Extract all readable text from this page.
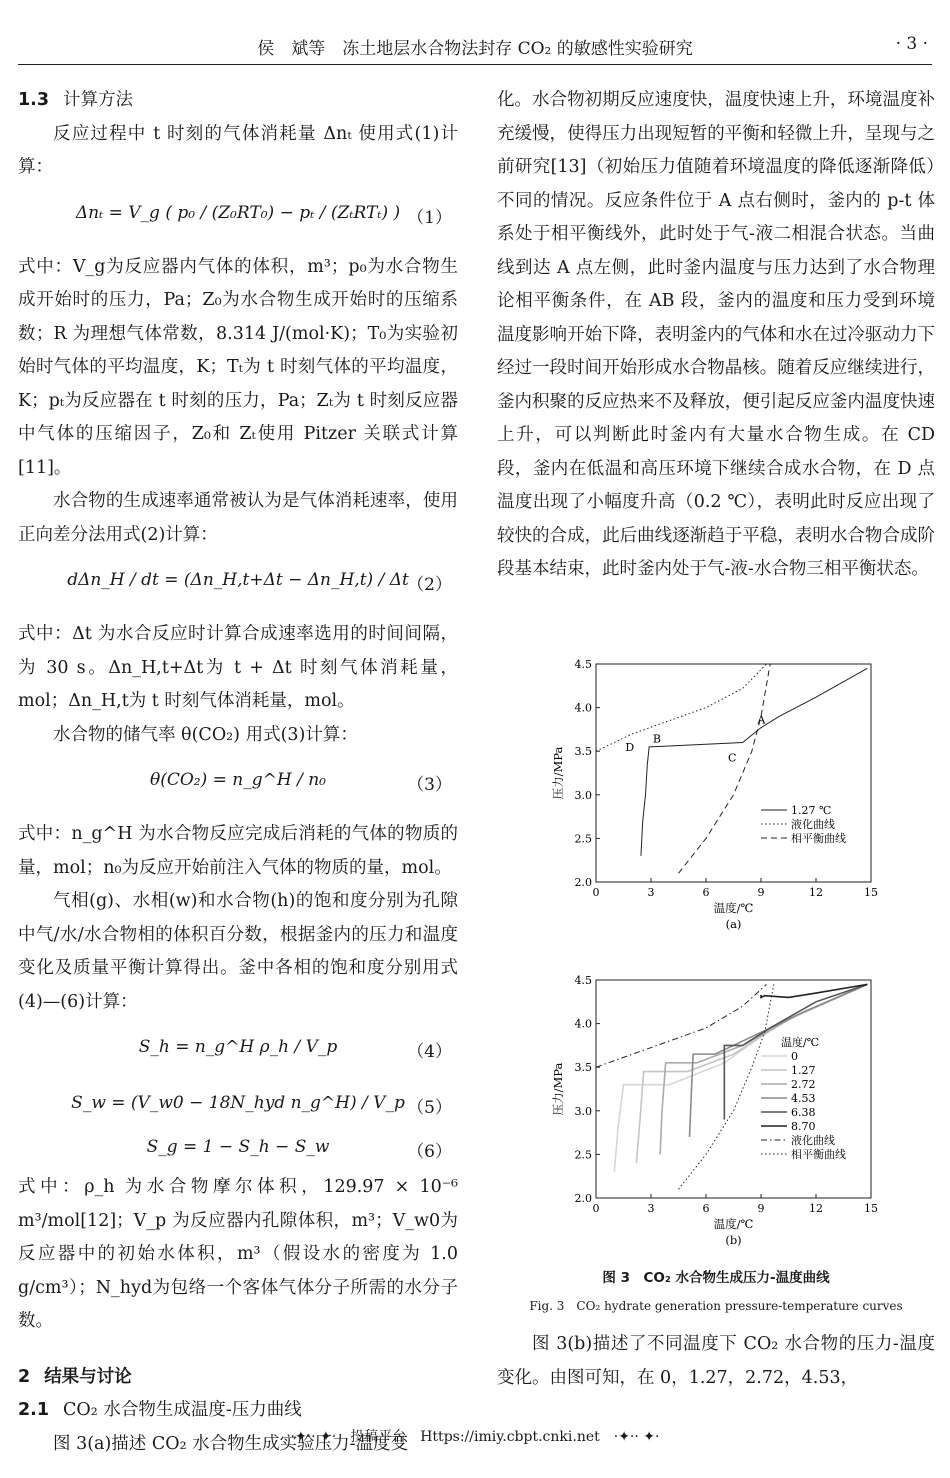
侯　斌等　冻土地层水合物法封存 CO₂ 的敏感性实验研究	· 3 ·
1.3 计算方法

反应过程中 t 时刻的气体消耗量 Δnₜ 使用式(1)计算：

Δnₜ = V_g ( p₀ / (Z₀RT₀) − pₜ / (ZₜRTₜ) ) （1）

式中：V_g为反应器内气体的体积，m³；p₀为水合物生成开始时的压力，Pa；Z₀为水合物生成开始时的压缩系数；R 为理想气体常数，8.314 J/(mol·K)；T₀为实验初始时气体的平均温度，K；Tₜ为 t 时刻气体的平均温度，K；pₜ为反应器在 t 时刻的压力，Pa；Zₜ为 t 时刻反应器中气体的压缩因子，Z₀和 Zₜ使用 Pitzer 关联式计算[11]。

水合物的生成速率通常被认为是气体消耗速率，使用正向差分法用式(2)计算：

dΔn_H / dt = (Δn_H,t+Δt − Δn_H,t) / Δt
（2）

式中：Δt 为水合反应时计算合成速率选用的时间间隔，为 30 s。Δn_H,t+Δt为 t + Δt 时刻气体消耗量，mol；Δn_H,t为 t 时刻气体消耗量，mol。

水合物的储气率 θ(CO₂) 用式(3)计算：

θ(CO₂) = n_g^H / n₀	（3）

式中：n_g^H 为水合物反应完成后消耗的气体的物质的量，mol；n₀为反应开始前注入气体的物质的量，mol。

气相(g)、水相(w)和水合物(h)的饱和度分别为孔隙中气/水/水合物相的体积百分数，根据釜内的压力和温度变化及质量平衡计算得出。釜中各相的饱和度分别用式(4)—(6)计算：

S_h = n_g^H ρ_h / V_p	（4）
S_w = (V_w0 − 18N_hyd n_g^H) / V_p （5）
S_g = 1 − S_h − S_w	（6）

式中：ρ_h 为水合物摩尔体积，129.97 × 10⁻⁶ m³/mol[12]；V_p 为反应器内孔隙体积，m³；V_w0为反应器中的初始水体积，m³（假设水的密度为 1.0 g/cm³）；N_hyd为包络一个客体气体分子所需的水分子数。

2 结果与讨论
2.1 CO₂ 水合物生成温度-压力曲线

图 3(a)描述 CO₂ 水合物生成实验压力-温度变

化。水合物初期反应速度快，温度快速上升，环境温度补充缓慢，使得压力出现短暂的平衡和轻微上升，呈现与之前研究[13]（初始压力值随着环境温度的降低逐渐降低）不同的情况。反应条件位于 A 点右侧时，釜内的 p-t 体系处于相平衡线外，此时处于气-液二相混合状态。当曲线到达 A 点左侧，此时釜内温度与压力达到了水合物理论相平衡条件，在 AB 段，釜内的温度和压力受到环境温度影响开始下降，表明釜内的气体和水在过冷驱动力下经过一段时间开始形成水合物晶核。随着反应继续进行，釜内积聚的反应热来不及释放，便引起反应釜内温度快速上升，可以判断此时釜内有大量水合物生成。在 CD 段，釜内在低温和高压环境下继续合成水合物，在 D 点温度出现了小幅度升高（0.2 ℃），表明此时反应出现了较快的合成，此后曲线逐渐趋于平稳，表明水合物合成阶段基本结束，此时釜内处于气-液-水合物三相平衡状态。

0	3	6	9	12	15
2.0
2.5
3.0
3.5
4.0
4.5
温度/℃
压力/MPa
(a)
1.27 ℃
液化曲线
相平衡曲线
A
B
C
D
0	3	6	9	12	15
2.0
2.5
3.0
3.5
4.0
4.5
温度/℃
压力/MPa
(b)
温度/℃
0
1.27
2.72
4.53
6.38
8.70
液化曲线
相平衡曲线
图 3　CO₂ 水合物生成压力-温度曲线
Fig. 3　CO₂ hydrate generation pressure-temperature curves

图 3(b)描述了不同温度下 CO₂ 水合物的压力-温度变化。由图可知，在 0，1.27，2.72，4.53，

·✦·· ✦·　投稿平台　Https://imiy.cbpt.cnki.net　·✦·· ✦·
